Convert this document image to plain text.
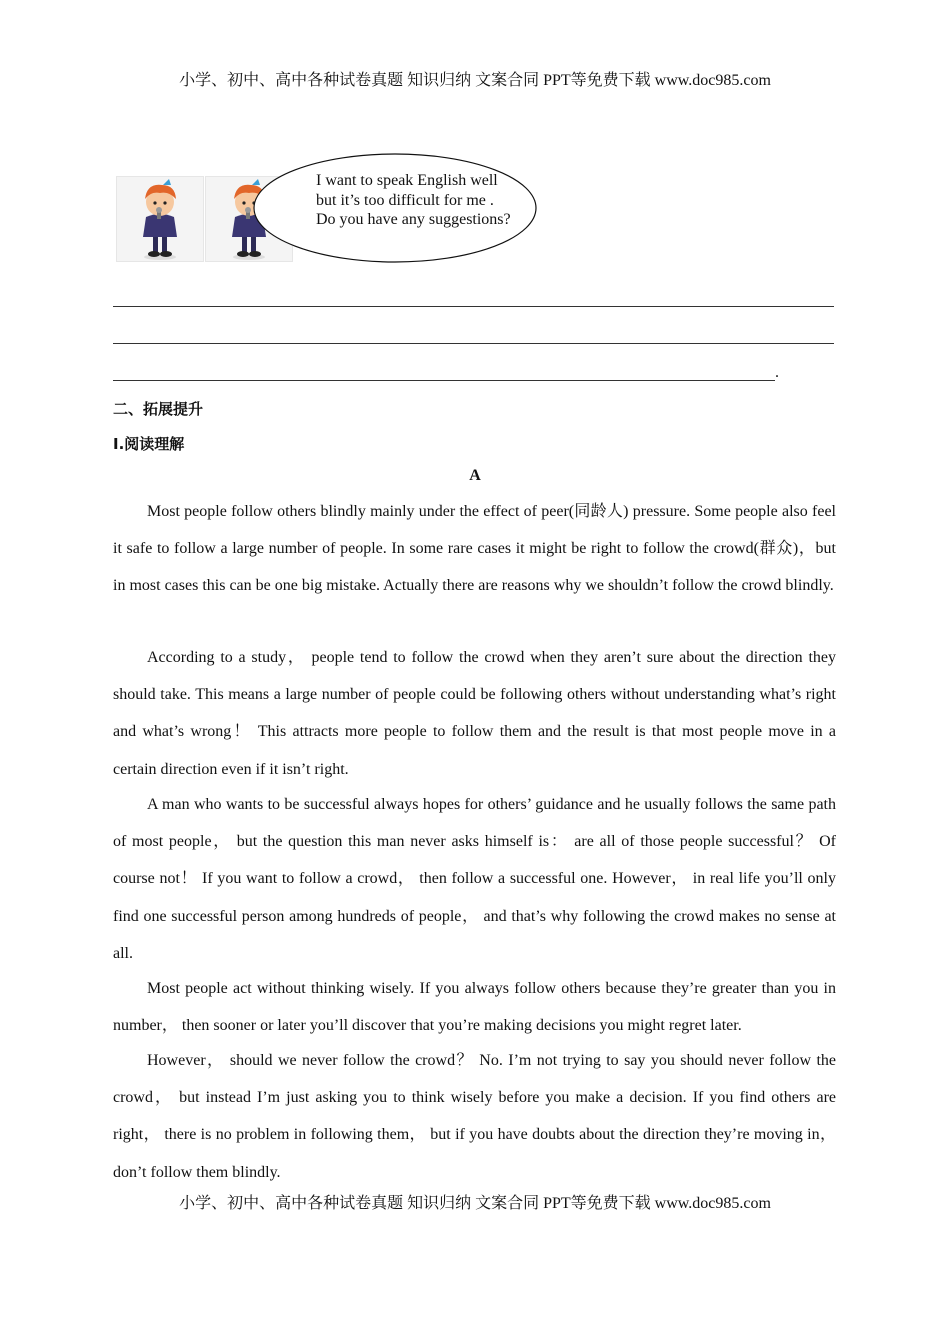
小学、初中、高中各种试卷真题 知识归纳 文案合同 PPT等免费下载 www.doc985.com
I want to speak English well but it’s too difficult for me . Do you have any suggestions?
.
二、拓展提升
I.阅读理解
A

Most people follow others blindly mainly under the effect of peer(同龄人) pressure. Some people also feel it safe to follow a large number of people. In some rare cases it might be right to follow the crowd(群众)，but in most cases this can be one big mistake. Actually there are reasons why we shouldn’t follow the crowd blindly.

According to a study， people tend to follow the crowd when they aren’t sure about the direction they should take. This means a large number of people could be following others without understanding what’s right and what’s wrong！ This attracts more people to follow them and the result is that most people move in a certain direction even if it isn’t right.

A man who wants to be successful always hopes for others’ guidance and he usually follows the same path of most people， but the question this man never asks himself is： are all of those people successful？ Of course not！ If you want to follow a crowd， then follow a successful one. However， in real life you’ll only find one successful person among hundreds of people， and that’s why following the crowd makes no sense at all.

Most people act without thinking wisely. If you always follow others because they’re greater than you in number， then sooner or later you’ll discover that you’re making decisions you might regret later.

However， should we never follow the crowd？ No. I’m not trying to say you should never follow the crowd， but instead I’m just asking you to think wisely before you make a decision. If you find others are right， there is no problem in following them， but if you have doubts about the direction they’re moving in， don’t follow them blindly.

小学、初中、高中各种试卷真题 知识归纳 文案合同 PPT等免费下载 www.doc985.com
